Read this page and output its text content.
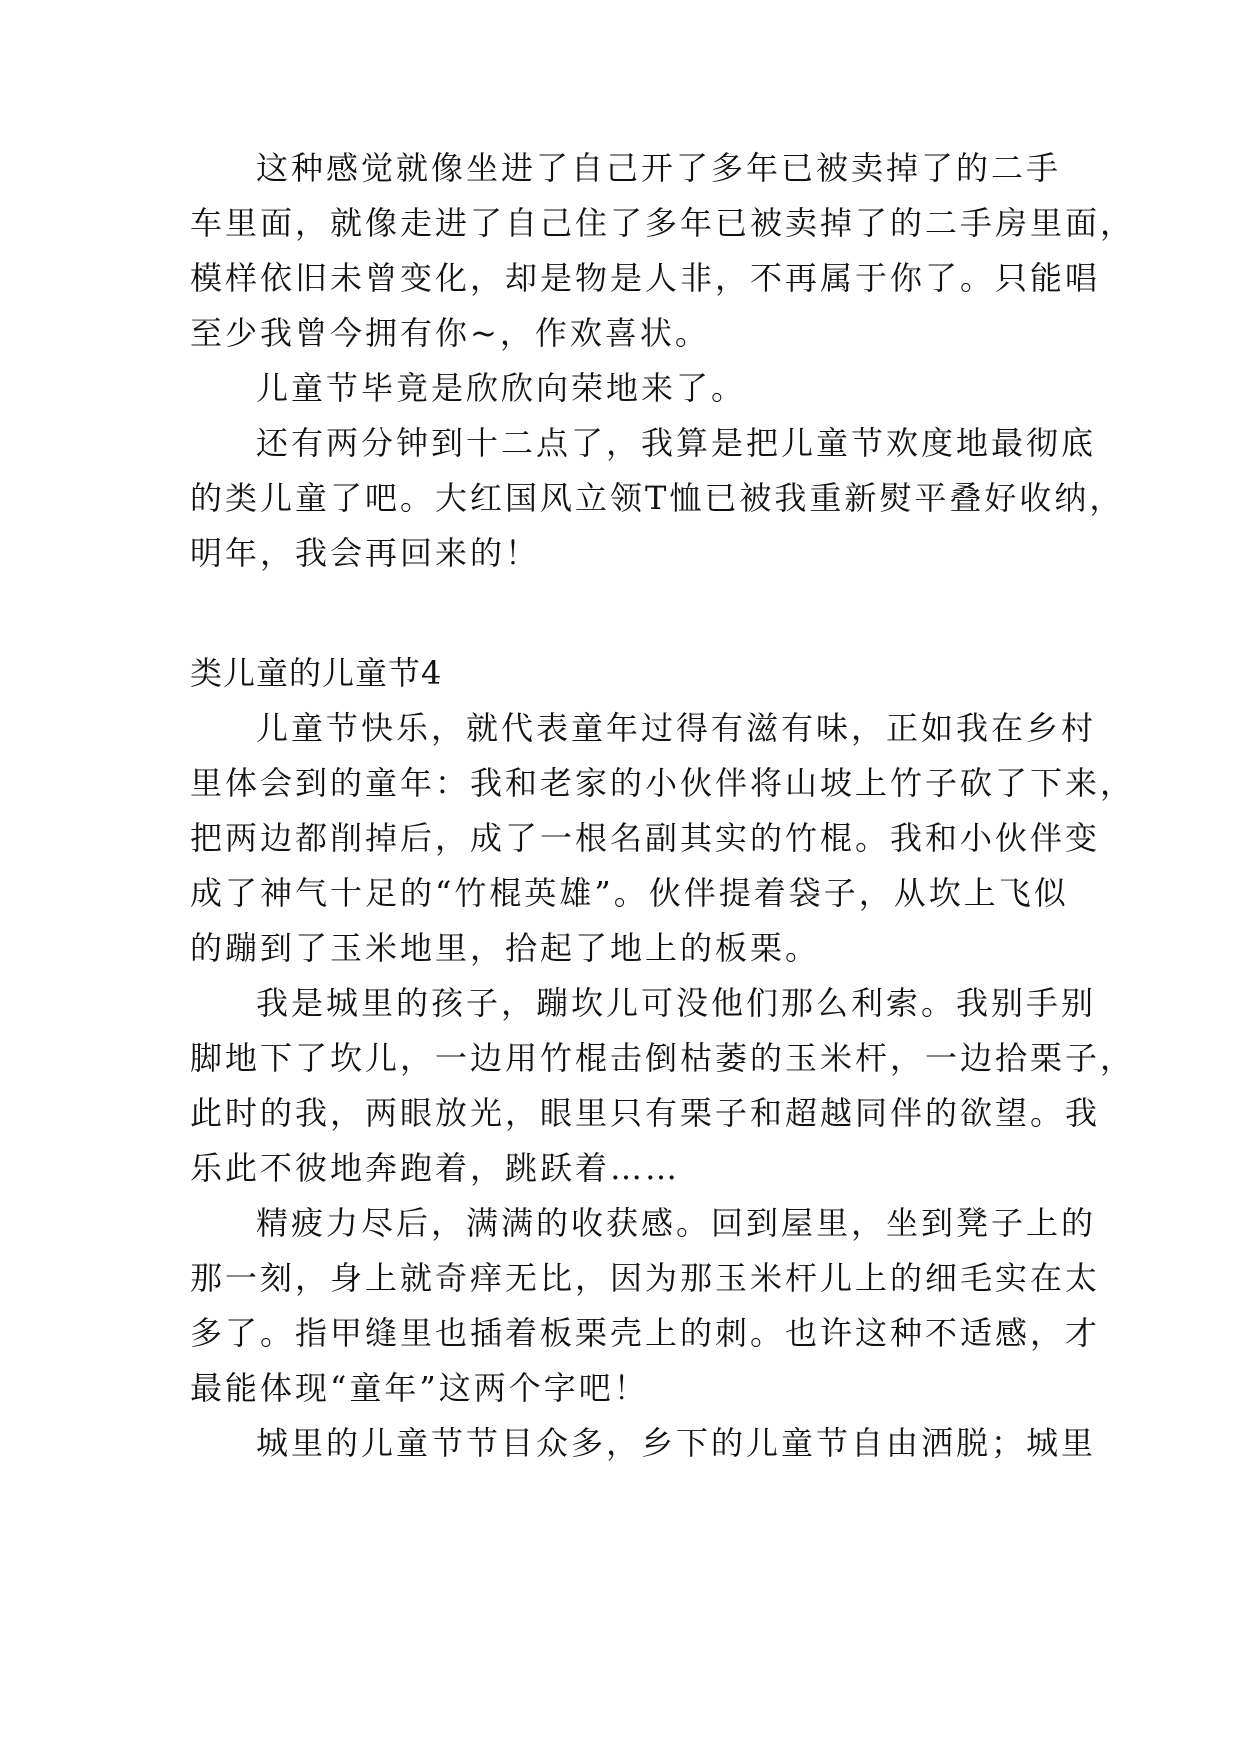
这种感觉就像坐进了自己开了多年已被卖掉了的二手

车里面，就像走进了自己住了多年已被卖掉了的二手房里面，

模样依旧未曾变化，却是物是人非，不再属于你了。只能唱

至少我曾今拥有你~，作欢喜状。

儿童节毕竟是欣欣向荣地来了。

还有两分钟到十二点了，我算是把儿童节欢度地最彻底

的类儿童了吧。大红国风立领T恤已被我重新熨平叠好收纳，

明年，我会再回来的！

类儿童的儿童节4

儿童节快乐，就代表童年过得有滋有味，正如我在乡村

里体会到的童年：我和老家的小伙伴将山坡上竹子砍了下来，

把两边都削掉后，成了一根名副其实的竹棍。我和小伙伴变

成了神气十足的“竹棍英雄”。伙伴提着袋子，从坎上飞似

的蹦到了玉米地里，拾起了地上的板栗。

我是城里的孩子，蹦坎儿可没他们那么利索。我别手别

脚地下了坎儿，一边用竹棍击倒枯萎的玉米杆，一边拾栗子，

此时的我，两眼放光，眼里只有栗子和超越同伴的欲望。我

乐此不彼地奔跑着，跳跃着……

精疲力尽后，满满的收获感。回到屋里，坐到凳子上的

那一刻，身上就奇痒无比，因为那玉米杆儿上的细毛实在太

多了。指甲缝里也插着板栗壳上的刺。也许这种不适感，才

最能体现“童年”这两个字吧！

城里的儿童节节目众多，乡下的儿童节自由洒脱；城里
